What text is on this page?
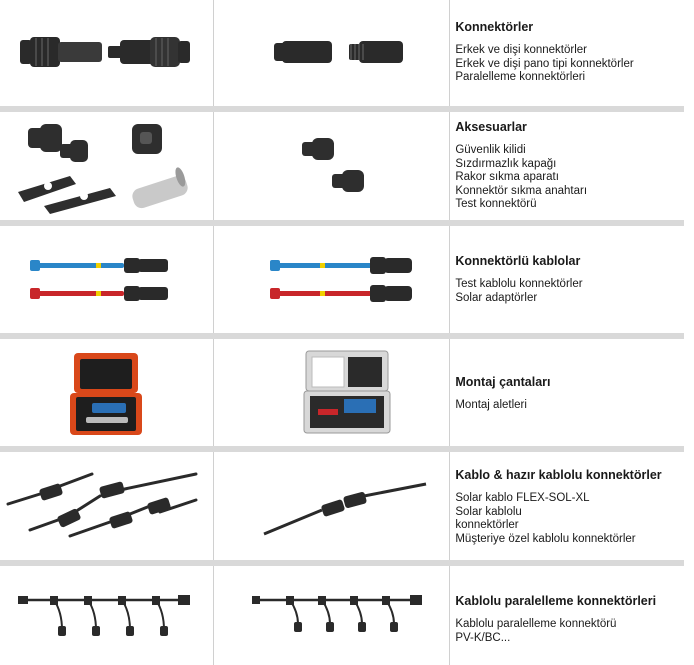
Konnektörler
Erkek ve dişi konnektörler
Erkek ve dişi pano tipi konnektörler
Paralelleme konnektörleri
Aksesuarlar
Güvenlik kilidi
Sızdırmazlık kapağı
Rakor sıkma aparatı
Konnektör sıkma anahtarı
Test konnektörü
Konnektörlü kablolar
Test kablolu konnektörler
Solar adaptörler
Montaj çantaları
Montaj aletleri
Kablo & hazır kablolu konnektörler
Solar kablo FLEX-SOL-XL
Solar kablolu
konnektörler
Müşteriye özel kablolu konnektörler
Kablolu paralelleme konnektörleri
Kablolu paralelleme konnektörü
PV-K/BC...
